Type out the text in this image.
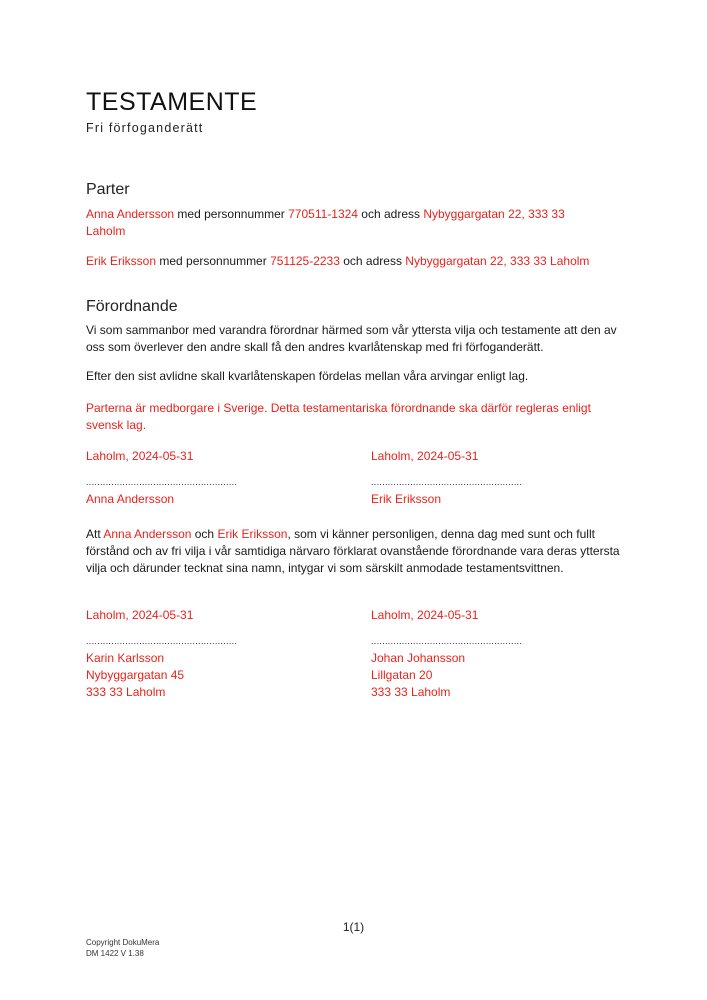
TESTAMENTE
Fri förfoganderätt
Parter

Anna Andersson med personnummer 770511-1324 och adress Nybyggargatan 22, 333 33 Laholm

Erik Eriksson med personnummer 751125-2233 och adress Nybyggargatan 22, 333 33 Laholm

Förordnande

Vi som sammanbor med varandra förordnar härmed som vår yttersta vilja och testamente att den av oss som överlever den andre skall få den andres kvarlåtenskap med fri förfoganderätt.

Efter den sist avlidne skall kvarlåtenskapen fördelas mellan våra arvingar enligt lag.

Parterna är medborgare i Sverige. Detta testamentariska förordnande ska därför regleras enligt svensk lag.

Laholm, 2024-05-31
......................................................
Anna Andersson
Laholm, 2024-05-31
......................................................
Erik Eriksson

Att Anna Andersson och Erik Eriksson, som vi känner personligen, denna dag med sunt och fullt förstånd och av fri vilja i vår samtidiga närvaro förklarat ovanstående förordnande vara deras yttersta vilja och därunder tecknat sina namn, intygar vi som särskilt anmodade testamentsvittnen.

Laholm, 2024-05-31
......................................................
Karin Karlsson
Nybyggargatan 45
333 33 Laholm
Laholm, 2024-05-31
......................................................
Johan Johansson
Lillgatan 20
333 33 Laholm
1(1)
Copyright DokuMera
DM 1422 V 1.38
